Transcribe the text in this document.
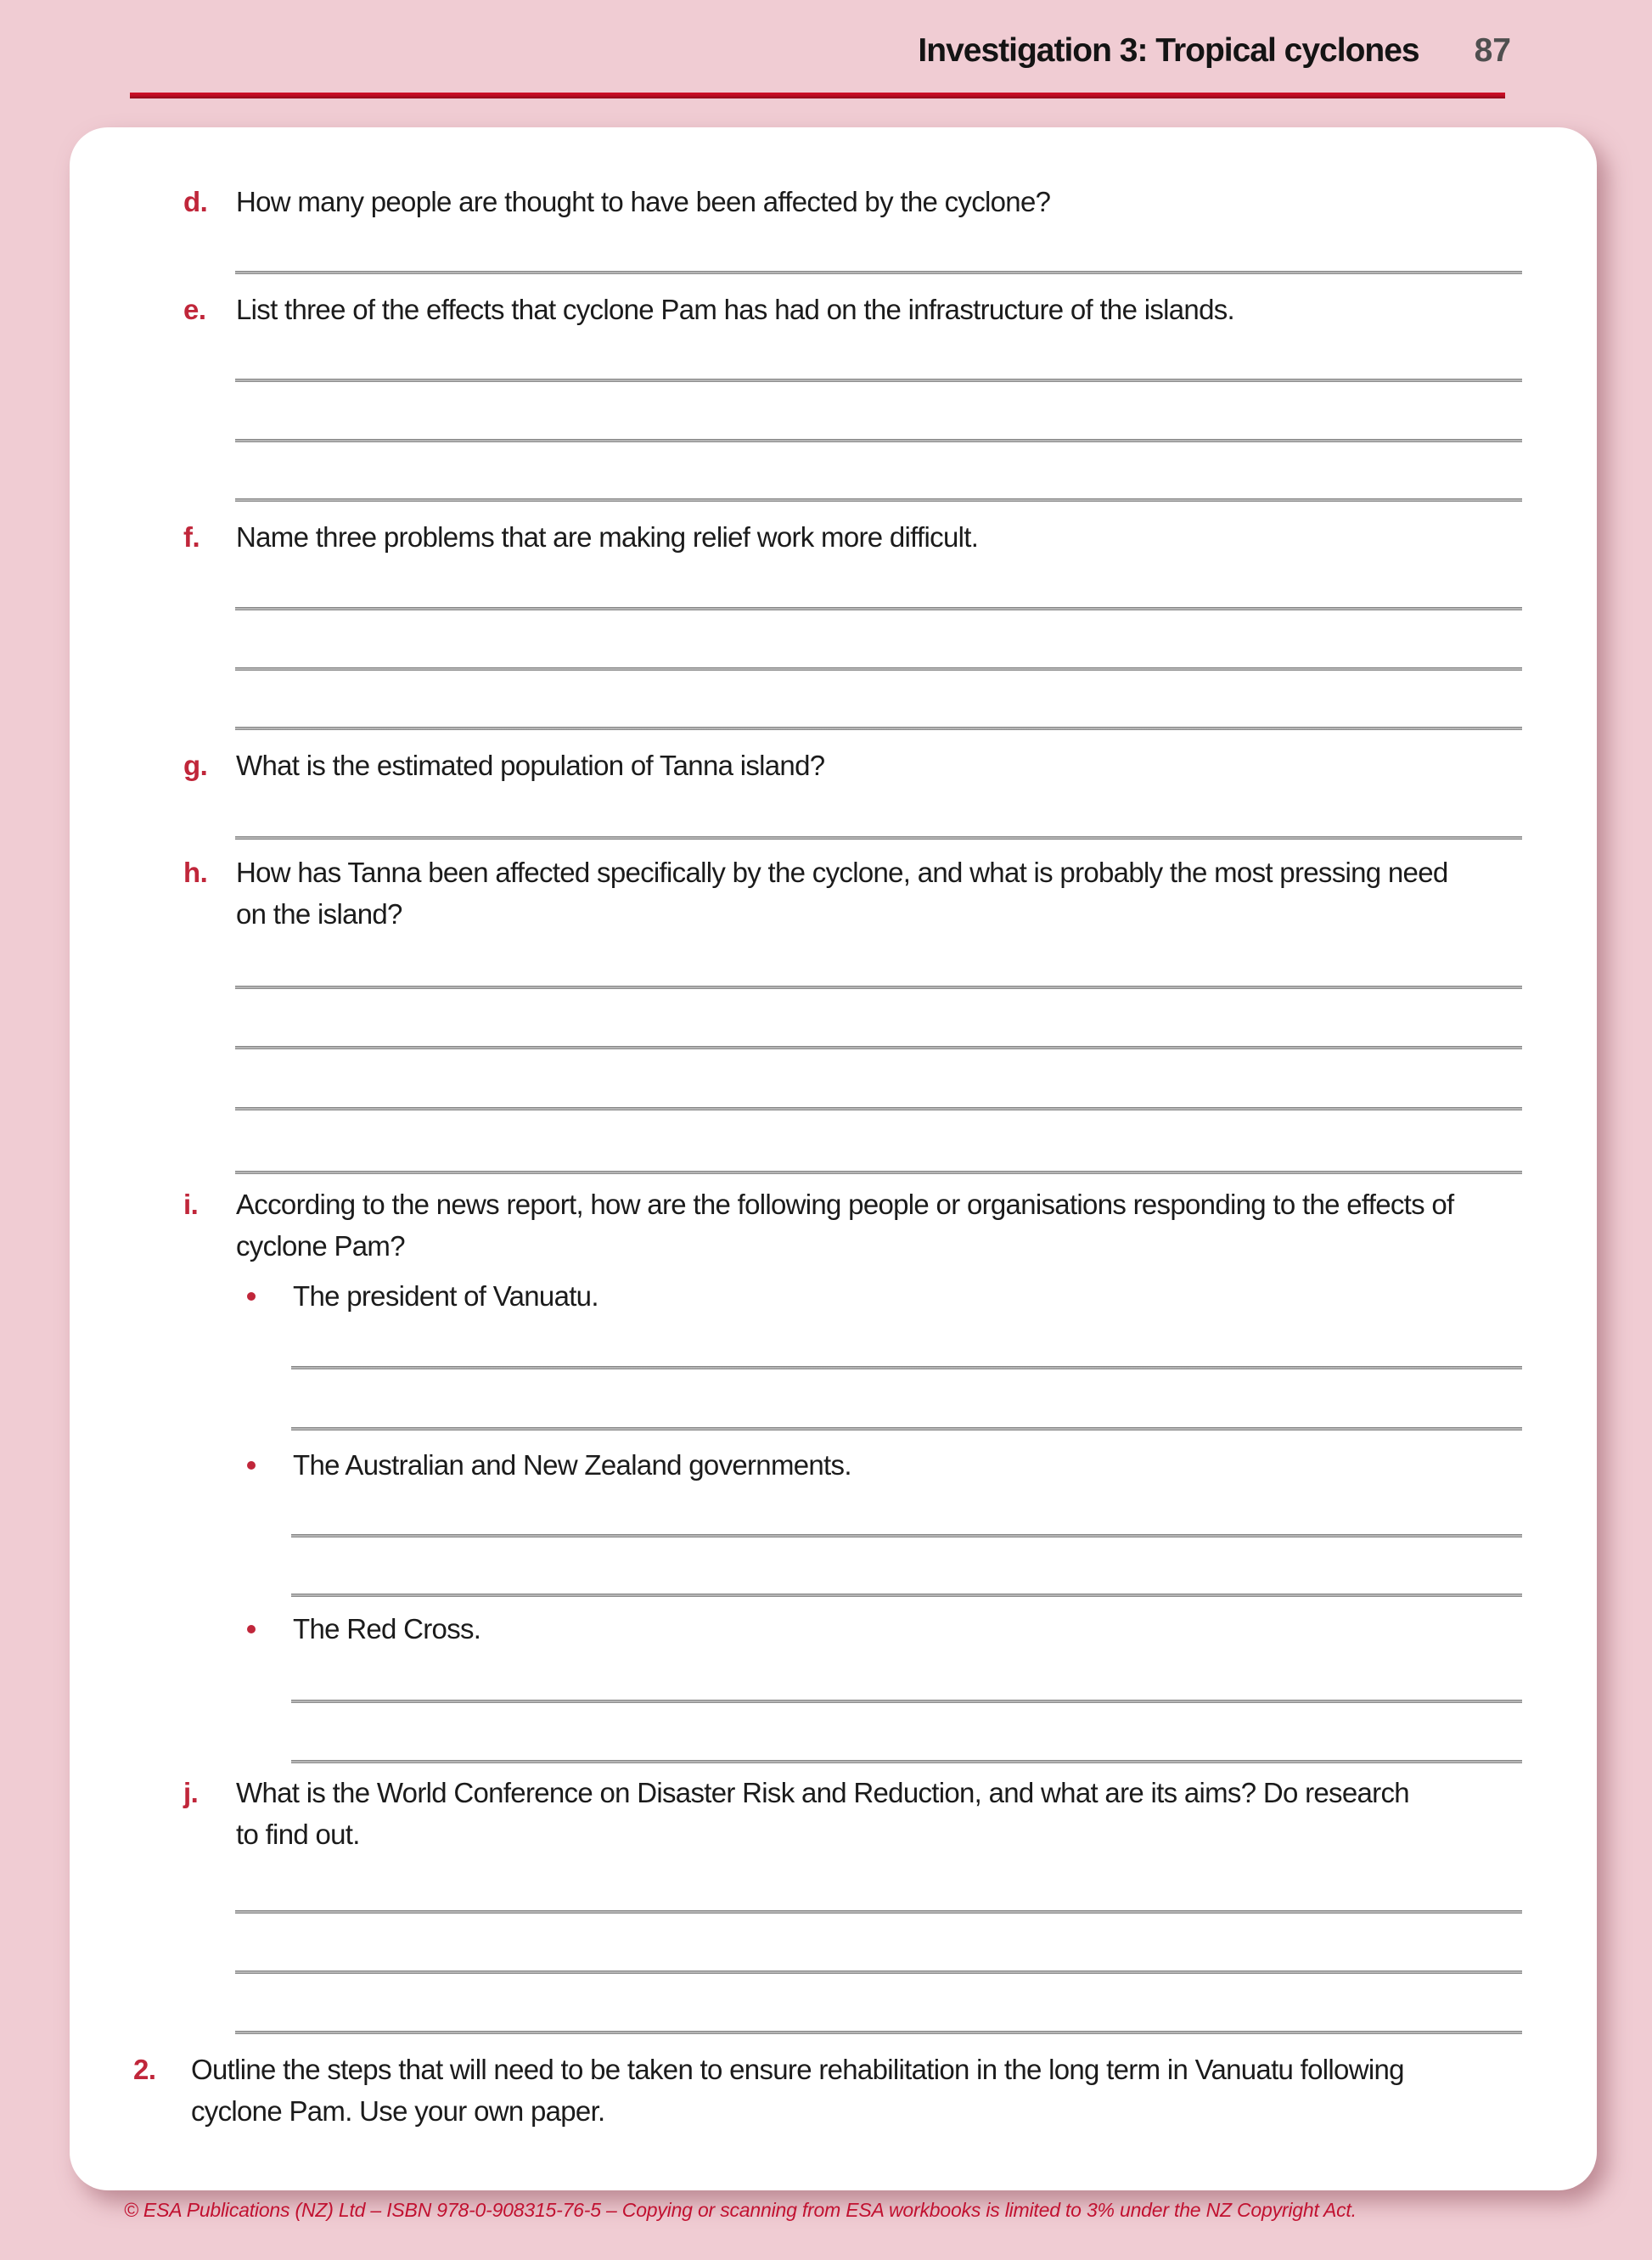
Investigation 3: Tropical cyclones 87
d. How many people are thought to have been affected by the cyclone?
e. List three of the effects that cyclone Pam has had on the infrastructure of the islands.
f. Name three problems that are making relief work more difficult.
g. What is the estimated population of Tanna island?
h. How has Tanna been affected specifically by the cyclone, and what is probably the most pressing need
on the island?
i. According to the news report, how are the following people or organisations responding to the effects of
cyclone Pam?
The president of Vanuatu.
The Australian and New Zealand governments.
The Red Cross.
j. What is the World Conference on Disaster Risk and Reduction, and what are its aims? Do research
to find out.
2. Outline the steps that will need to be taken to ensure rehabilitation in the long term in Vanuatu following
cyclone Pam. Use your own paper.
© ESA Publications (NZ) Ltd – ISBN 978-0-908315-76-5 – Copying or scanning from ESA workbooks is limited to 3% under the NZ Copyright Act.
